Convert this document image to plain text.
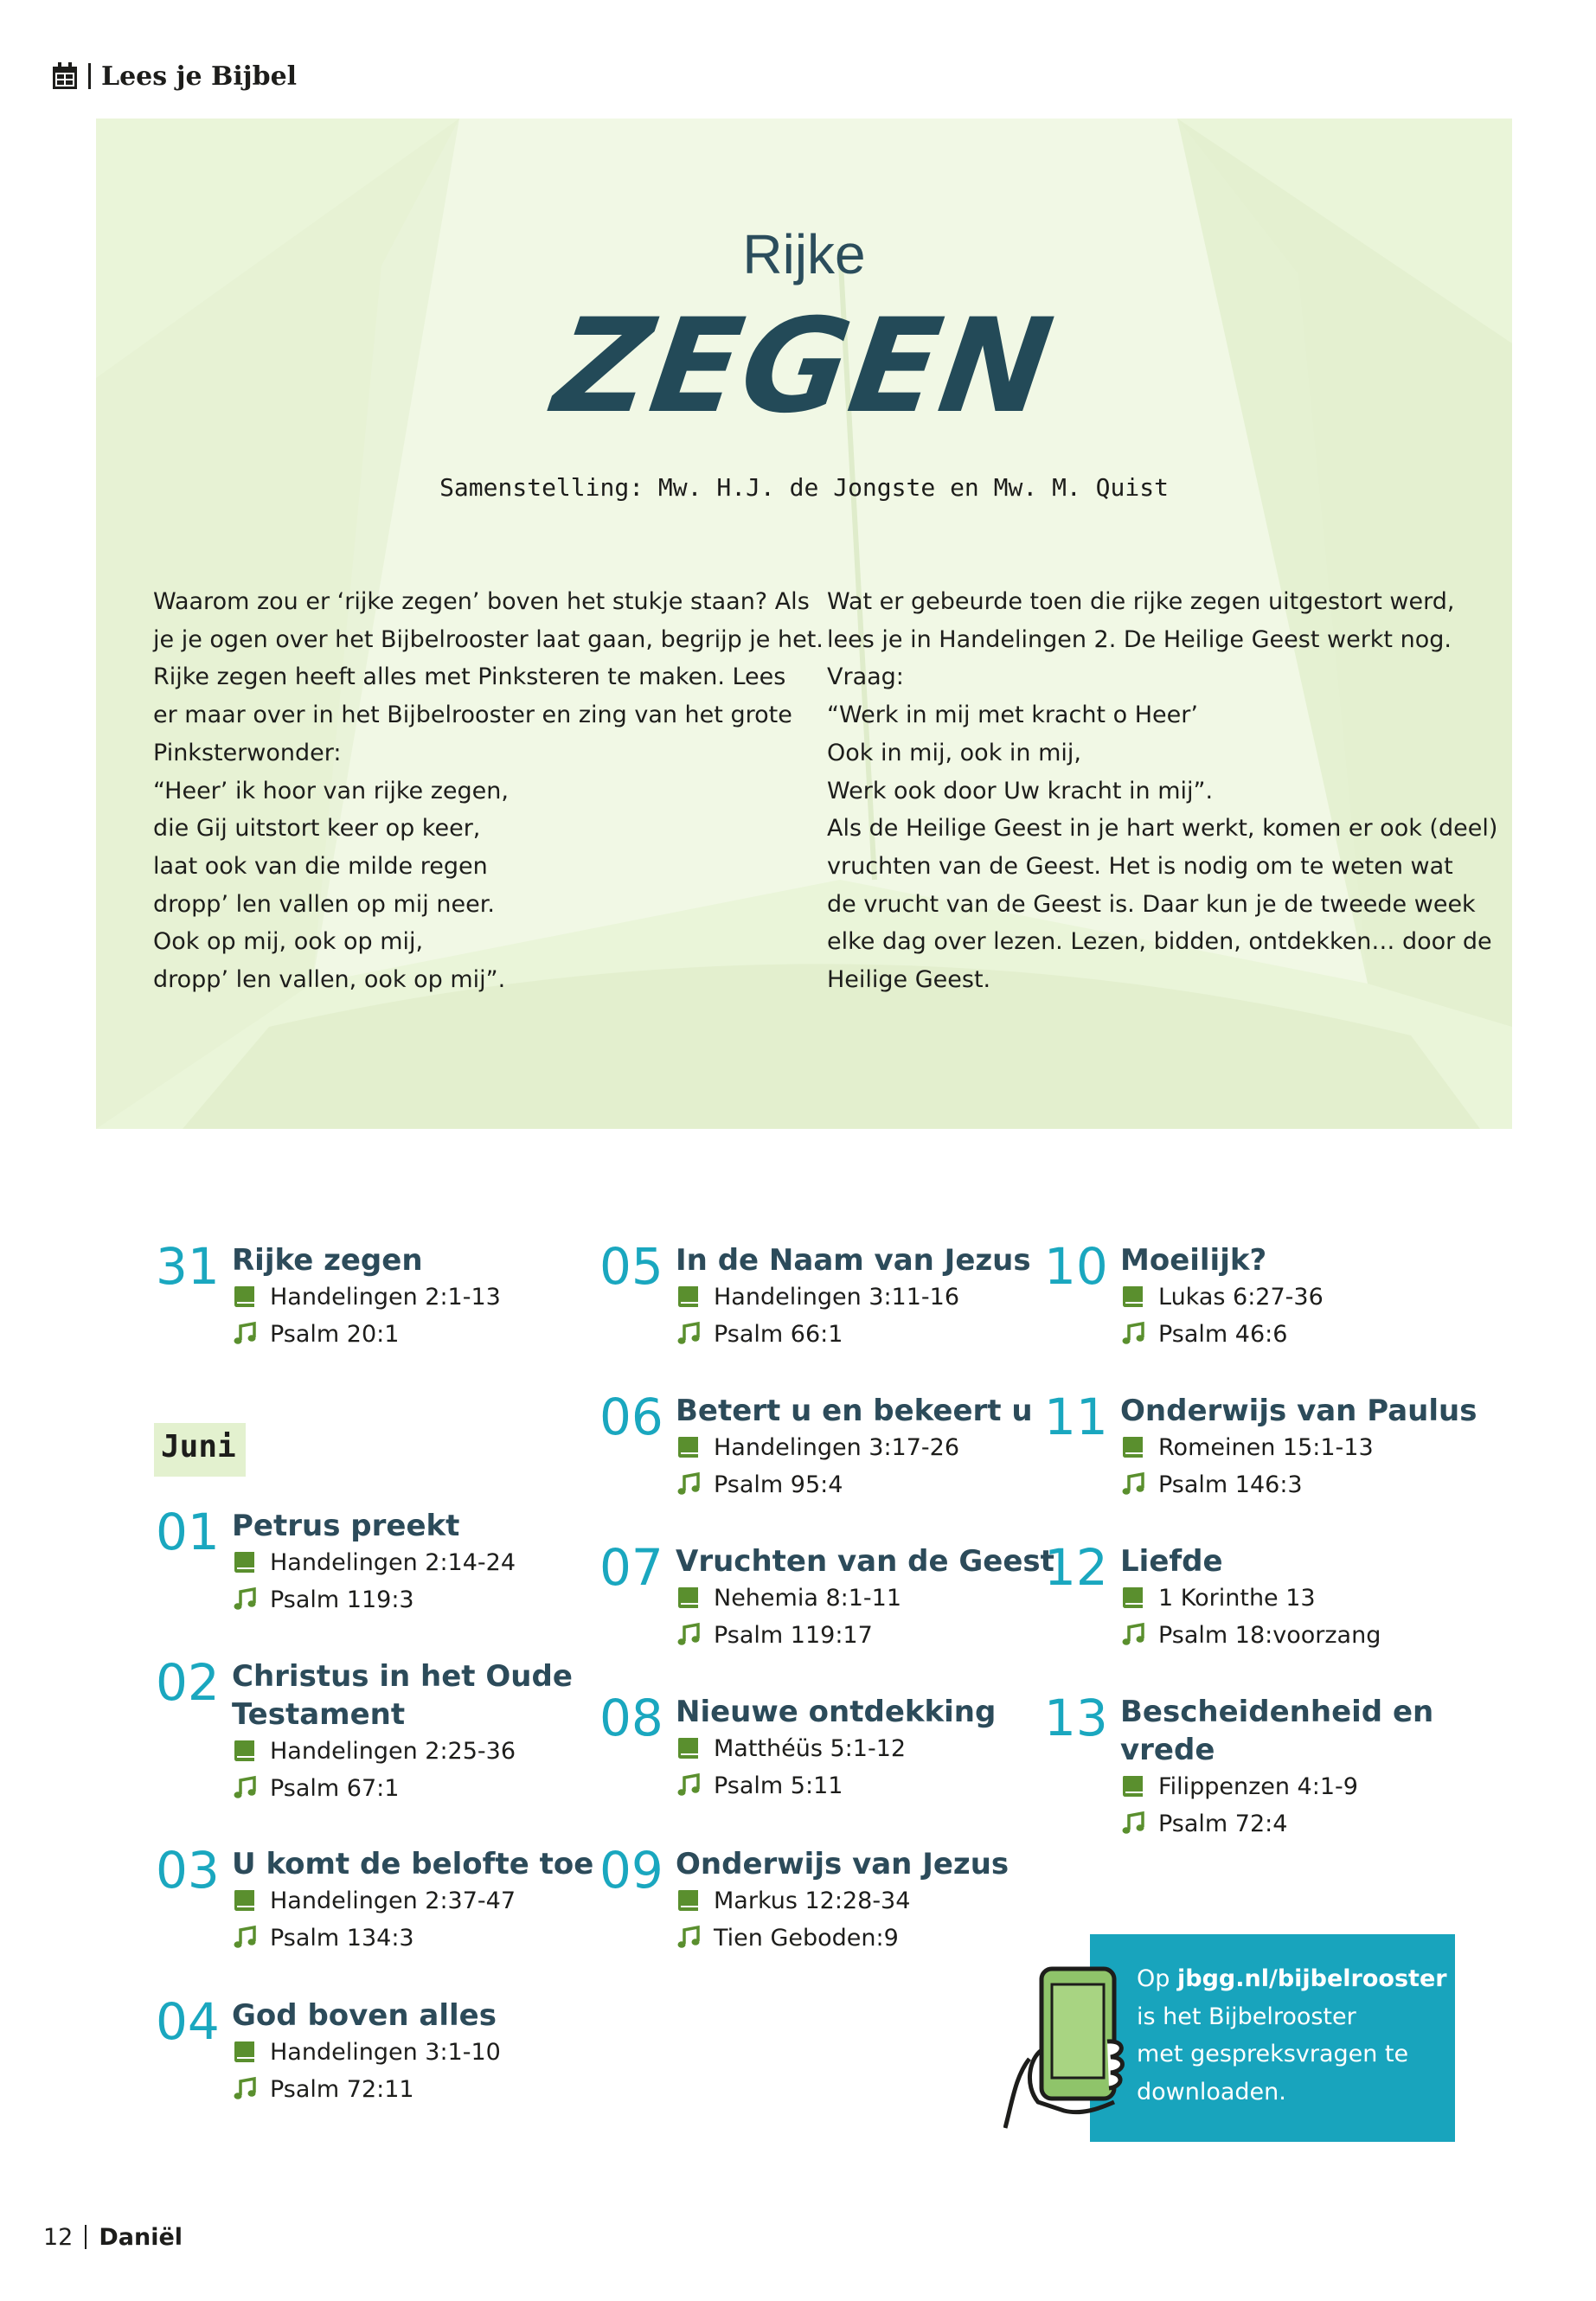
Lees je Bijbel
Rijke
ZEGEN
Samenstelling: Mw. H.J. de Jongste en Mw. M. Quist

Waarom zou er ‘rijke zegen’ boven het stukje staan? Als

je je ogen over het Bijbelrooster laat gaan, begrijp je het.

Rijke zegen heeft alles met Pinksteren te maken. Lees

er maar over in het Bijbelrooster en zing van het grote

Pinksterwonder:

“Heer’ ik hoor van rijke zegen,

die Gij uitstort keer op keer,

laat ook van die milde regen

dropp’ len vallen op mij neer.

Ook op mij, ook op mij,

dropp’ len vallen, ook op mij”.

Wat er gebeurde toen die rijke zegen uitgestort werd,

lees je in Handelingen 2. De Heilige Geest werkt nog.

Vraag:

“Werk in mij met kracht o Heer’

Ook in mij, ook in mij,

Werk ook door Uw kracht in mij”.

Als de Heilige Geest in je hart werkt, komen er ook (deel)

vruchten van de Geest. Het is nodig om te weten wat

de vrucht van de Geest is. Daar kun je de tweede week

elke dag over lezen. Lezen, bidden, ontdekken… door de

Heilige Geest.

Juni
31 Rijke zegen
Handelingen 2:1-13
Psalm 20:1
01 Petrus preekt
Handelingen 2:14-24
Psalm 119:3
02 Christus in het Oude
Testament
Handelingen 2:25-36
Psalm 67:1
03 U komt de belofte toe
Handelingen 2:37-47
Psalm 134:3
04 God boven alles
Handelingen 3:1-10
Psalm 72:11
05 In de Naam van Jezus
Handelingen 3:11-16
Psalm 66:1
06 Betert u en bekeert u
Handelingen 3:17-26
Psalm 95:4
07 Vruchten van de Geest
Nehemia 8:1-11
Psalm 119:17
08 Nieuwe ontdekking
Matthéüs 5:1-12
Psalm 5:11
09 Onderwijs van Jezus
Markus 12:28-34
Tien Geboden:9
10 Moeilijk?
Lukas 6:27-36
Psalm 46:6
11 Onderwijs van Paulus
Romeinen 15:1-13
Psalm 146:3
12 Liefde
1 Korinthe 13
Psalm 18:voorzang
13 Bescheidenheid en
vrede
Filippenzen 4:1-9
Psalm 72:4

Op jbgg.nl/bijbelrooster

is het Bijbelrooster

met gespreksvragen te

downloaden.

12 Daniël
